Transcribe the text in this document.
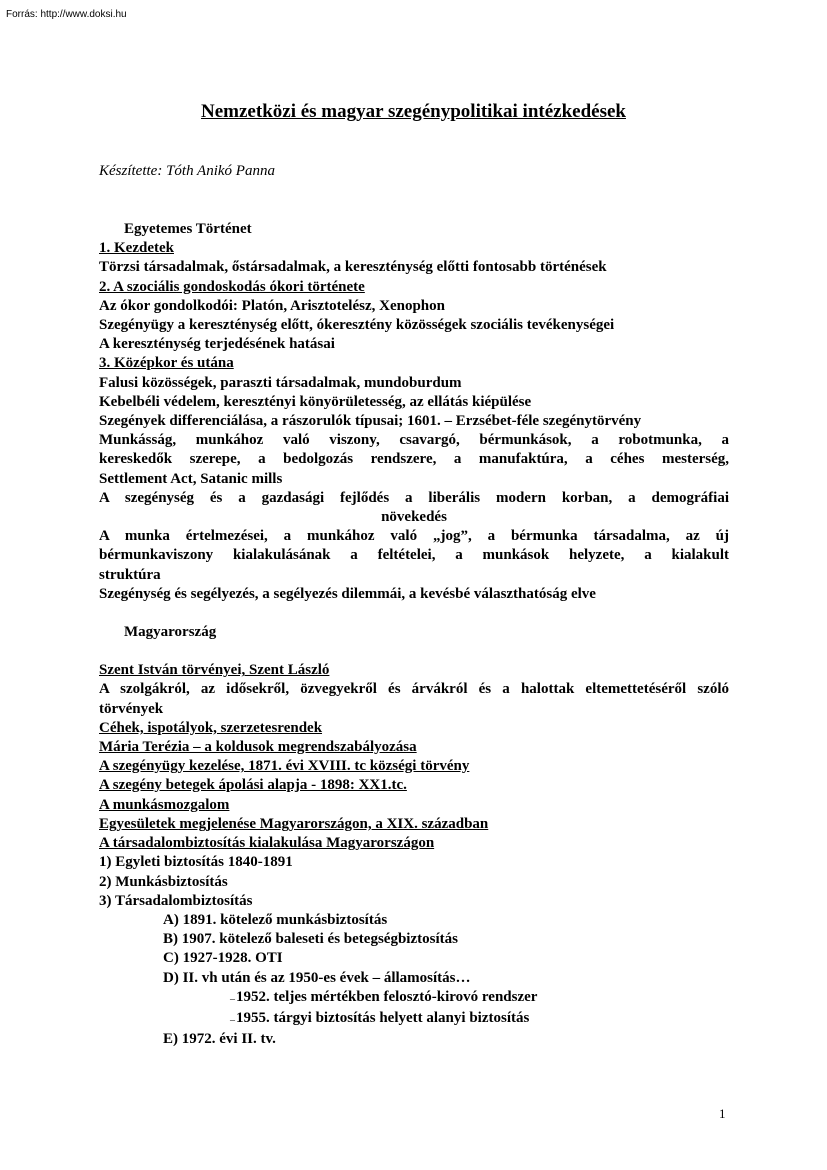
Forrás: http://www.doksi.hu
Nemzetközi és magyar szegénypolitikai intézkedések
Készítette: Tóth Anikó Panna

Egyetemes Történet

1. Kezdetek

Törzsi társadalmak, őstársadalmak, a kereszténység előtti fontosabb történések

2. A szociális gondoskodás ókori története

Az ókor gondolkodói: Platón, Arisztotelész, Xenophon

Szegényügy a kereszténység előtt, ókeresztény közösségek szociális tevékenységei

A kereszténység terjedésének hatásai

3. Középkor és utána

Falusi közösségek, paraszti társadalmak, mundoburdum

Kebelbéli védelem, keresztényi könyörületesség, az ellátás kiépülése

Szegények differenciálása, a rászorulók típusai; 1601. – Erzsébet-féle szegénytörvény

Munkásság, munkához való viszony, csavargó, bérmunkások, a robotmunka, a

kereskedők szerepe, a bedolgozás rendszere, a manufaktúra, a céhes mesterség,

Settlement Act, Satanic mills

A szegénység és a gazdasági fejlődés a liberális modern korban, a demográfiai

növekedés

A munka értelmezései, a munkához való „jog”, a bérmunka társadalma, az új

bérmunkaviszony kialakulásának a feltételei, a munkások helyzete, a kialakult

struktúra

Szegénység és segélyezés, a segélyezés dilemmái, a kevésbé választhatóság elve

Magyarország

Szent István törvényei, Szent László

A szolgákról, az idősekről, özvegyekről és árvákról és a halottak eltemettetéséről szóló

törvények

Céhek, ispotályok, szerzetesrendek

Mária Terézia – a koldusok megrendszabályozása

A szegényügy kezelése, 1871. évi XVIII. tc községi törvény

A szegény betegek ápolási alapja - 1898: XX1.tc.

A munkásmozgalom

Egyesületek megjelenése Magyarországon, a XIX. században

A társadalombiztosítás kialakulása Magyarországon

1) Egyleti biztosítás 1840-1891

2) Munkásbiztosítás

3) Társadalombiztosítás

A) 1891. kötelező munkásbiztosítás

B) 1907. kötelező baleseti és betegségbiztosítás

C) 1927-1928. OTI

D) II. vh után és az 1950-es évek – államosítás…

–1952. teljes mértékben felosztó-kirovó rendszer

–1955. tárgyi biztosítás helyett alanyi biztosítás

E) 1972. évi II. tv.

1
